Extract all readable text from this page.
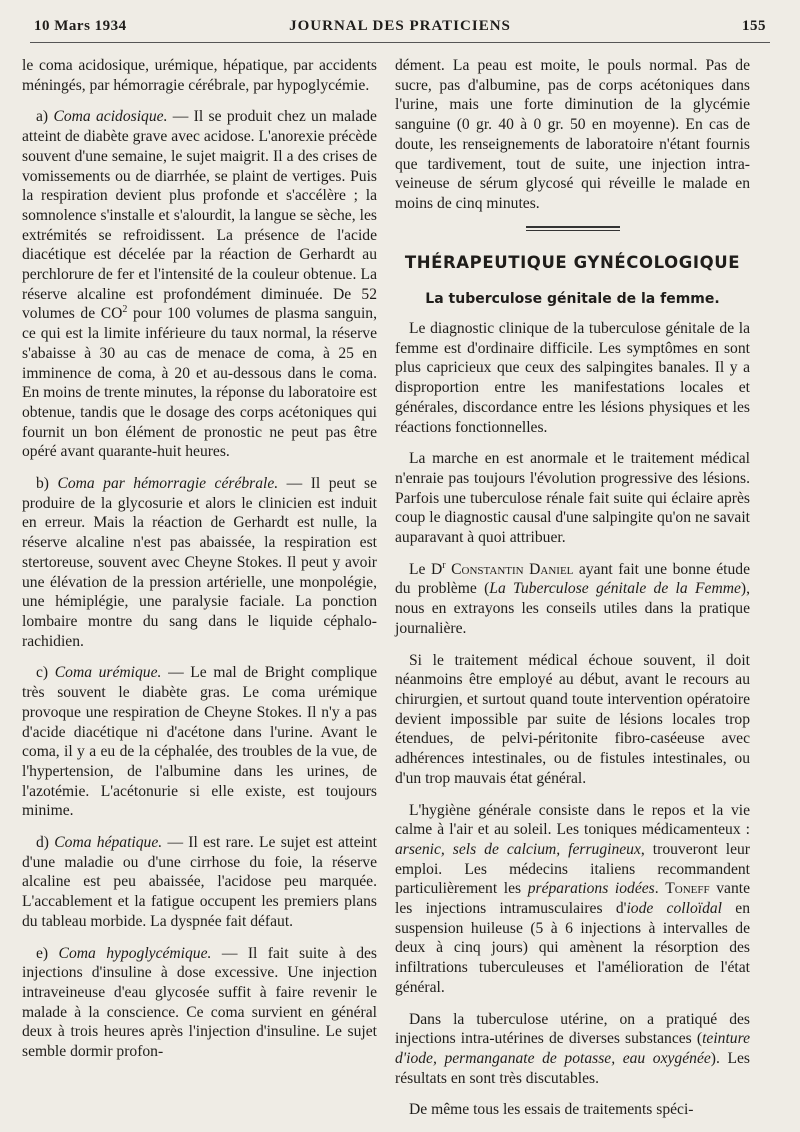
10 Mars 1934	JOURNAL DES PRATICIENS	155

le coma acidosique, urémique, hépatique, par accidents méningés, par hémorragie cérébrale, par hypoglycémie.

a) Coma acidosique. — Il se produit chez un malade atteint de diabète grave avec acidose. L'anorexie précède souvent d'une semaine, le sujet maigrit. Il a des crises de vomissements ou de diarrhée, se plaint de vertiges. Puis la respiration devient plus profonde et s'accélère ; la somnolence s'installe et s'alourdit, la langue se sèche, les extrémités se refroidissent. La présence de l'acide diacétique est décelée par la réaction de Gerhardt au perchlorure de fer et l'intensité de la couleur obtenue. La réserve alcaline est profondément diminuée. De 52 volumes de $CO^2$ pour 100 volumes de plasma sanguin, ce qui est la limite inférieure du taux normal, la réserve s'abaisse à 30 au cas de menace de coma, à 25 en imminence de coma, à 20 et au-dessous dans le coma. En moins de trente minutes, la réponse du laboratoire est obtenue, tandis que le dosage des corps acétoniques qui fournit un bon élément de pronostic ne peut pas être opéré avant quarante-huit heures.

b) Coma par hémorragie cérébrale. — Il peut se produire de la glycosurie et alors le clinicien est induit en erreur. Mais la réaction de Gerhardt est nulle, la réserve alcaline n'est pas abaissée, la respiration est stertoreuse, souvent avec Cheyne Stokes. Il peut y avoir une élévation de la pression artérielle, une monpolégie, une hémiplégie, une paralysie faciale. La ponction lombaire montre du sang dans le liquide céphalo-rachidien.

c) Coma urémique. — Le mal de Bright complique très souvent le diabète gras. Le coma urémique provoque une respiration de Cheyne Stokes. Il n'y a pas d'acide diacétique ni d'acétone dans l'urine. Avant le coma, il y a eu de la céphalée, des troubles de la vue, de l'hypertension, de l'albumine dans les urines, de l'azotémie. L'acétonurie si elle existe, est toujours minime.

d) Coma hépatique. — Il est rare. Le sujet est atteint d'une maladie ou d'une cirrhose du foie, la réserve alcaline est peu abaissée, l'acidose peu marquée. L'accablement et la fatigue occupent les premiers plans du tableau morbide. La dyspnée fait défaut.

e) Coma hypoglycémique. — Il fait suite à des injections d'insuline à dose excessive. Une injection intraveineuse d'eau glycosée suffit à faire revenir le malade à la conscience. Ce coma survient en général deux à trois heures après l'injection d'insuline. Le sujet semble dormir profon-

dément. La peau est moite, le pouls normal. Pas de sucre, pas d'albumine, pas de corps acétoniques dans l'urine, mais une forte diminution de la glycémie sanguine (0 gr. 40 à 0 gr. 50 en moyenne). En cas de doute, les renseignements de laboratoire n'étant fournis que tardivement, tout de suite, une injection intra-veineuse de sérum glycosé qui réveille le malade en moins de cinq minutes.

THÉRAPEUTIQUE GYNÉCOLOGIQUE
La tuberculose génitale de la femme.

Le diagnostic clinique de la tuberculose génitale de la femme est d'ordinaire difficile. Les symptômes en sont plus capricieux que ceux des salpingites banales. Il y a disproportion entre les manifestations locales et générales, discordance entre les lésions physiques et les réactions fonctionnelles.

La marche en est anormale et le traitement médical n'enraie pas toujours l'évolution progressive des lésions. Parfois une tuberculose rénale fait suite qui éclaire après coup le diagnostic causal d'une salpingite qu'on ne savait auparavant à quoi attribuer.

Le $D^r$ Constantin Daniel ayant fait une bonne étude du problème (La Tuberculose génitale de la Femme), nous en extrayons les conseils utiles dans la pratique journalière.

Si le traitement médical échoue souvent, il doit néanmoins être employé au début, avant le recours au chirurgien, et surtout quand toute intervention opératoire devient impossible par suite de lésions locales trop étendues, de pelvi-péritonite fibro-caséeuse avec adhérences intestinales, ou de fistules intestinales, ou d'un trop mauvais état général.

L'hygiène générale consiste dans le repos et la vie calme à l'air et au soleil. Les toniques médicamenteux : arsenic, sels de calcium, ferrugineux, trouveront leur emploi. Les médecins italiens recommandent particulièrement les préparations iodées. Toneff vante les injections intramusculaires d'iode colloïdal en suspension huileuse (5 à 6 injections à intervalles de deux à cinq jours) qui amènent la résorption des infiltrations tuberculeuses et l'amélioration de l'état général.

Dans la tuberculose utérine, on a pratiqué des injections intra-utérines de diverses substances (teinture d'iode, permanganate de potasse, eau oxygénée). Les résultats en sont très discutables.

De même tous les essais de traitements spéci-
